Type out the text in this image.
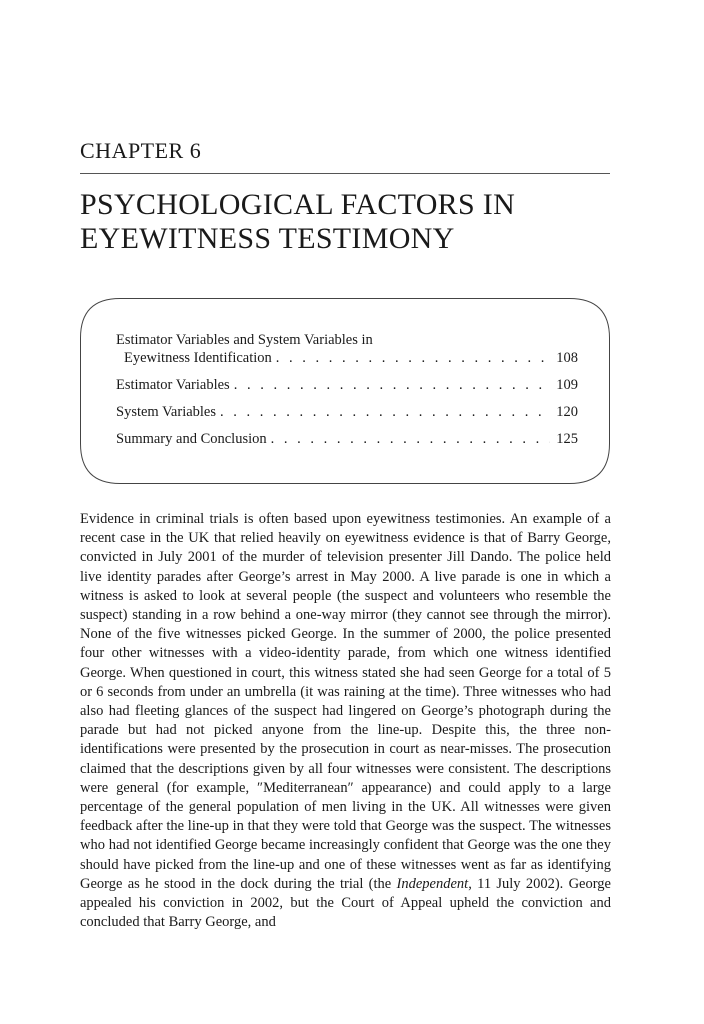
CHAPTER 6
PSYCHOLOGICAL FACTORS IN
EYEWITNESS TESTIMONY
Estimator Variables and System Variables in
Eyewitness Identification . . .	108
Estimator Variables . . .	109
System Variables . . .	120
Summary and Conclusion . . .	125
Evidence in criminal trials is often based upon eyewitness testimonies. An example of a recent case in the UK that relied heavily on eyewitness evidence is that of Barry George, convicted in July 2001 of the murder of television presenter Jill Dando. The police held live identity parades after George’s arrest in May 2000. A live parade is one in which a witness is asked to look at several people (the suspect and volunteers who resemble the suspect) standing in a row behind a one-way mirror (they cannot see through the mirror). None of the five witnesses picked George. In the summer of 2000, the police presented four other witnesses with a video-identity parade, from which one witness identified George. When questioned in court, this witness stated she had seen George for a total of 5 or 6 seconds from under an umbrella (it was raining at the time). Three witnesses who had also had fleeting glances of the suspect had lingered on George’s photograph during the parade but had not picked anyone from the line-up. Despite this, the three non-identifications were presented by the prosecution in court as near-misses. The prosecution claimed that the descriptions given by all four witnesses were consistent. The descriptions were general (for example, ″Mediterranean″ appearance) and could apply to a large percentage of the general population of men living in the UK. All witnesses were given feedback after the line-up in that they were told that George was the suspect. The witnesses who had not identified George became increasingly confident that George was the one they should have picked from the line-up and one of these witnesses went as far as identifying George as he stood in the dock during the trial (the Independent, 11 July 2002). George appealed his conviction in 2002, but the Court of Appeal upheld the conviction and concluded that Barry George, and
